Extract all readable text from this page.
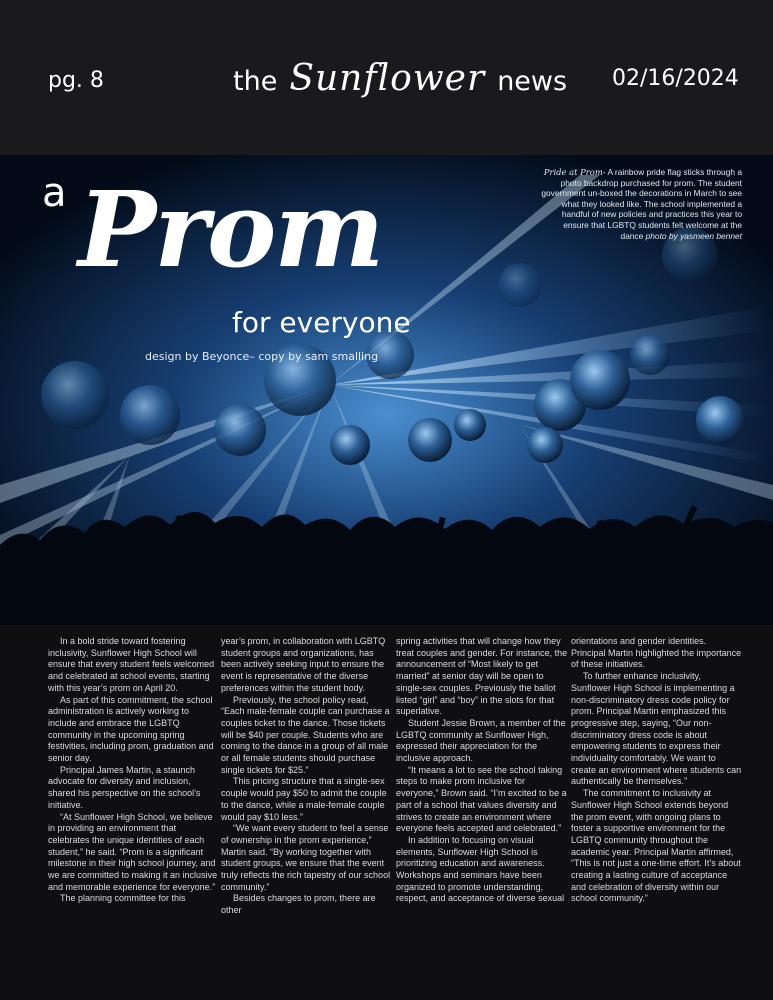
pg. 8	the Sunflower news 02/16/2024
a Prom
for everyone
design by Beyonce– copy by sam smalling
Pride at Prom- A rainbow pride flag sticks through a photo backdrop purchased for prom. The student government un-boxed the decorations in March to see what they looked like. The school implemented a handful of new policies and practices this year to ensure that LGBTQ students felt welcome at the dance photo by yasmeen bennet

In a bold stride toward fostering inclusivity, Sunflower High School will ensure that every student feels welcomed and celebrated at school events, starting with this year’s prom on April 20.

As part of this commitment, the school administration is actively working to include and embrace the LGBTQ community in the upcoming spring festivities, including prom, graduation and senior day.

Principal James Martin, a staunch advocate for diversity and inclusion, shared his perspective on the school’s initiative.

“At Sunflower High School, we believe in providing an environment that celebrates the unique identities of each student,” he said. “Prom is a significant milestone in their high school journey, and we are committed to making it an inclusive and memorable experience for everyone.”

The planning committee for this

year’s prom, in collaboration with LGBTQ student groups and organizations, has been actively seeking input to ensure the event is representative of the diverse preferences within the student body.

Previously, the school policy read, “Each male-female couple can purchase a couples ticket to the dance. Those tickets will be $40 per couple. Students who are coming to the dance in a group of all male or all female students should purchase single tickets for $25.”

This pricing structure that a single-sex couple would pay $50 to admit the couple to the dance, while a male-female couple would pay $10 less.”

“We want every student to feel a sense of ownership in the prom experience,” Martin said. “By working together with student groups, we ensure that the event truly reflects the rich tapestry of our school community.”

Besides changes to prom, there are other

spring activities that will change how they treat couples and gender. For instance, the announcement of “Most likely to get married” at senior day will be open to single-sex couples. Previously the ballot listed “girl” and “boy” in the slots for that superlative.

Student Jessie Brown, a member of the LGBTQ community at Sunflower High, expressed their appreciation for the inclusive approach.

“It means a lot to see the school taking steps to make prom inclusive for everyone,” Brown said. “I’m excited to be a part of a school that values diversity and strives to create an environment where everyone feels accepted and celebrated.”

In addition to focusing on visual elements, Sunflower High School is prioritizing education and awareness. Workshops and seminars have been organized to promote understanding, respect, and acceptance of diverse sexual

orientations and gender identities. Principal Martin highlighted the importance of these initiatives.

To further enhance inclusivity, Sunflower High School is implementing a non-discriminatory dress code policy for prom. Principal Martin emphasized this progressive step, saying, “Our non-discriminatory dress code is about empowering students to express their individuality comfortably. We want to create an environment where students can authentically be themselves.”

The commitment to inclusivity at Sunflower High School extends beyond the prom event, with ongoing plans to foster a supportive environment for the LGBTQ community throughout the academic year. Principal Martin affirmed, “This is not just a one-time effort. It’s about creating a lasting culture of acceptance and celebration of diversity within our school community.”
